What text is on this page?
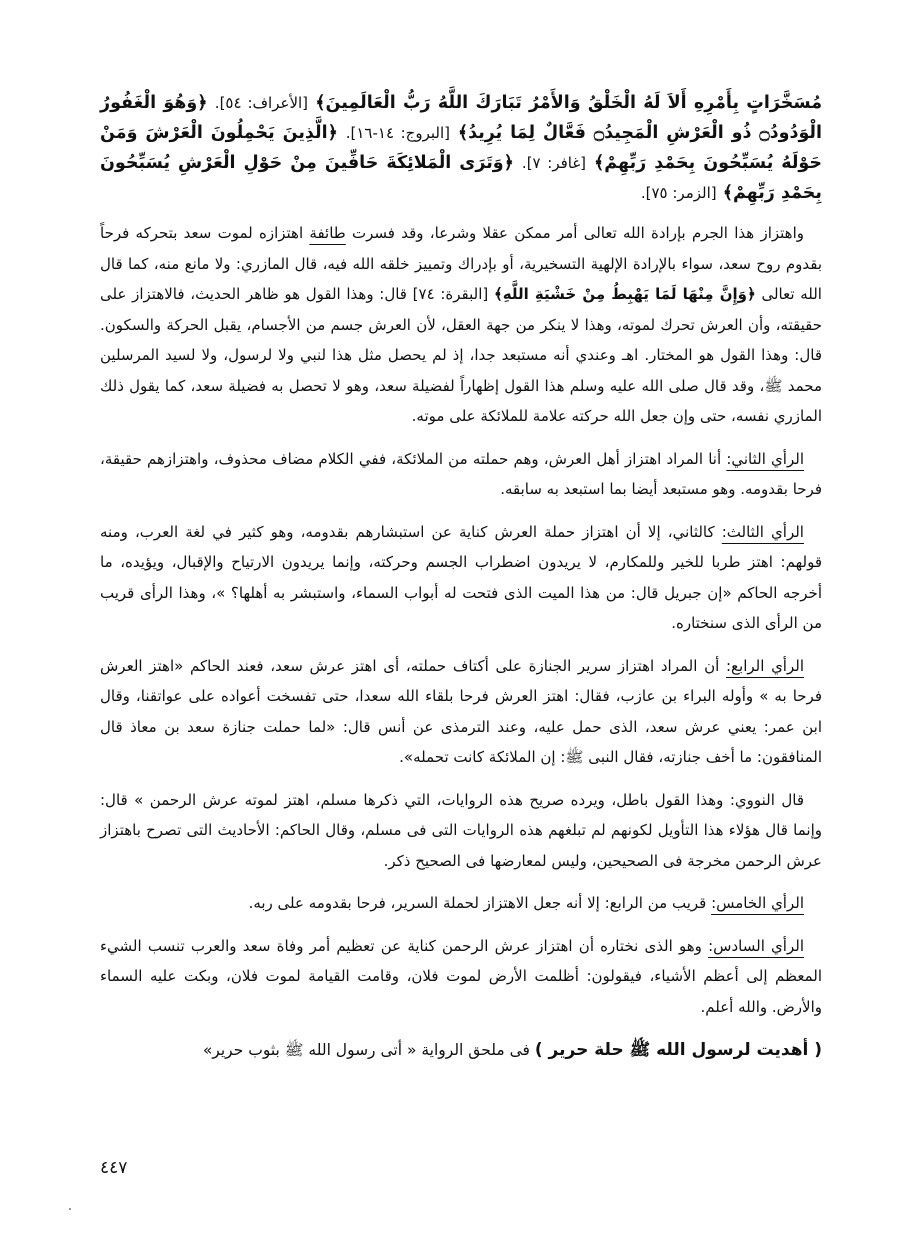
مُسَخَّرَاتٍ بِأَمْرِهِ أَلاَ لَهُ الْخَلْقُ وَالأَمْرُ تَبَارَكَ اللَّهُ رَبُّ الْعَالَمِينَ﴾ [الأعراف: ٥٤]. ﴿وَهُوَ الْغَفُورُ الْوَدُودُ۝ ذُو الْعَرْشِ الْمَجِيدُ۝ فَعَّالٌ لِمَا يُرِيدُ﴾ [البروج: ١٤-١٦]. ﴿الَّذِينَ يَحْمِلُونَ الْعَرْشَ وَمَنْ حَوْلَهُ يُسَبِّحُونَ بِحَمْدِ رَبِّهِمْ﴾ [غافر: ٧]. ﴿وَتَرَى الْمَلائِكَةَ حَافِّينَ مِنْ حَوْلِ الْعَرْشِ يُسَبِّحُونَ بِحَمْدِ رَبِّهِمْ﴾ [الزمر: ٧٥].

واهتزاز هذا الجرم بإرادة الله تعالى أمر ممكن عقلا وشرعا، وقد فسرت طائفة اهتزازه لموت سعد بتحركه فرحاً بقدوم روح سعد، سواء بالإرادة الإلهية التسخيرية، أو بإدراك وتمييز خلقه الله فيه، قال المازري: ولا مانع منه، كما قال الله تعالى ﴿وَإِنَّ مِنْهَا لَمَا يَهْبِطُ مِنْ خَشْيَةِ اللَّهِ﴾ [البقرة: ٧٤] قال: وهذا القول هو ظاهر الحديث، فالاهتزاز على حقيقته، وأن العرش تحرك لموته، وهذا لا ينكر من جهة العقل، لأن العرش جسم من الأجسام، يقبل الحركة والسكون. قال: وهذا القول هو المختار. اهـ وعندي أنه مستبعد جدا، إذ لم يحصل مثل هذا لنبي ولا لرسول، ولا لسيد المرسلين محمد ﷺ، وقد قال صلى الله عليه وسلم هذا القول إظهاراً لفضيلة سعد، وهو لا تحصل به فضيلة سعد، كما يقول ذلك المازري نفسه، حتى وإن جعل الله حركته علامة للملائكة على موته.

الرأي الثاني: أنا المراد اهتزاز أهل العرش، وهم حملته من الملائكة، ففي الكلام مضاف محذوف، واهتزازهم حقيقة، فرحا بقدومه. وهو مستبعد أيضا بما استبعد به سابقه.

الرأي الثالث: كالثاني، إلا أن اهتزاز حملة العرش كناية عن استبشارهم بقدومه، وهو كثير في لغة العرب، ومنه قولهم: اهتز طربا للخير وللمكارم، لا يريدون اضطراب الجسم وحركته، وإنما يريدون الارتياح والإقبال، ويؤيده، ما أخرجه الحاكم «إن جبريل قال: من هذا الميت الذى فتحت له أبواب السماء، واستبشر به أهلها؟ »، وهذا الرأى قريب من الرأى الذى سنختاره.

الرأي الرابع: أن المراد اهتزاز سرير الجنازة على أكتاف حملته، أى اهتز عرش سعد، فعند الحاكم «اهتز العرش فرحا به » وأوله البراء بن عازب، فقال: اهتز العرش فرحا بلقاء الله سعدا، حتى تفسخت أعواده على عواتقنا، وقال ابن عمر: يعني عرش سعد، الذى حمل عليه، وعند الترمذى عن أنس قال: «لما حملت جنازة سعد بن معاذ قال المنافقون: ما أخف جنازته، فقال النبى ﷺ: إن الملائكة كانت تحمله».

قال النووي: وهذا القول باطل، ويرده صريح هذه الروايات، التي ذكرها مسلم، اهتز لموته عرش الرحمن » قال: وإنما قال هؤلاء هذا التأويل لكونهم لم تبلغهم هذه الروايات التى فى مسلم، وقال الحاكم: الأحاديث التى تصرح باهتزاز عرش الرحمن مخرجة فى الصحيحين، وليس لمعارضها فى الصحيح ذكر.

الرأي الخامس: قريب من الرابع: إلا أنه جعل الاهتزاز لحملة السرير، فرحا بقدومه على ربه.

الرأي السادس: وهو الذى نختاره أن اهتزاز عرش الرحمن كناية عن تعظيم أمر وفاة سعد والعرب تنسب الشيء المعظم إلى أعظم الأشياء، فيقولون: أظلمت الأرض لموت فلان، وقامت القيامة لموت فلان، وبكت عليه السماء والأرض. والله أعلم.

( أهديت لرسول الله ﷺ حلة حرير ) فى ملحق الرواية « أتى رسول الله ﷺ بثوب حرير»

٤٤٧
